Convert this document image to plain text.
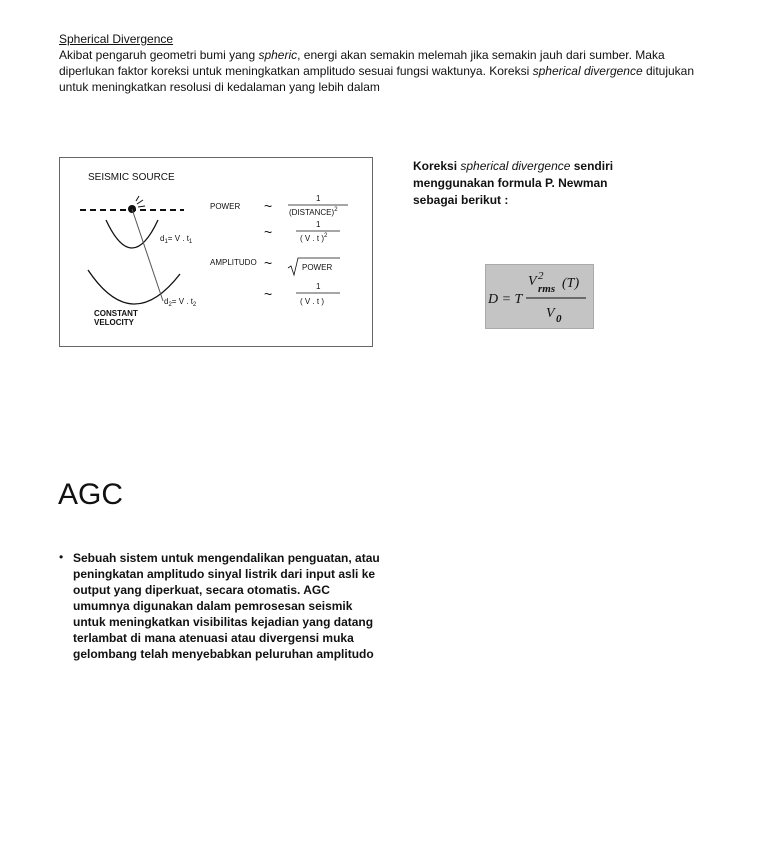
Spherical Divergence
Akibat pengaruh geometri bumi yang spheric, energi akan semakin melemah jika semakin jauh dari sumber. Maka diperlukan faktor koreksi untuk meningkatkan amplitudo sesuai fungsi waktunya. Koreksi spherical divergence ditujukan untuk meningkatkan resolusi di kedalaman yang lebih dalam
SEISMIC SOURCE
$d_1= V$ . $t_1$
$d_2= V$ . $t_2$
CONSTANT
VELOCITY
POWER ~	1
(DISTANCE)$^2$
~	1
( V . t )$^2$
AMPLITUDO ~	POWER
~	1
( V . t )
Koreksi spherical divergence sendiri menggunakan formula P. Newman sebagai berikut :
D = T
V 2
rms (T)
V 0
AGC
• Sebuah sistem untuk mengendalikan penguatan, atau peningkatan amplitudo sinyal listrik dari input asli ke output yang diperkuat, secara otomatis. AGC umumnya digunakan dalam pemrosesan seismik untuk meningkatkan visibilitas kejadian yang datang terlambat di mana atenuasi atau divergensi muka gelombang telah menyebabkan peluruhan amplitudo
